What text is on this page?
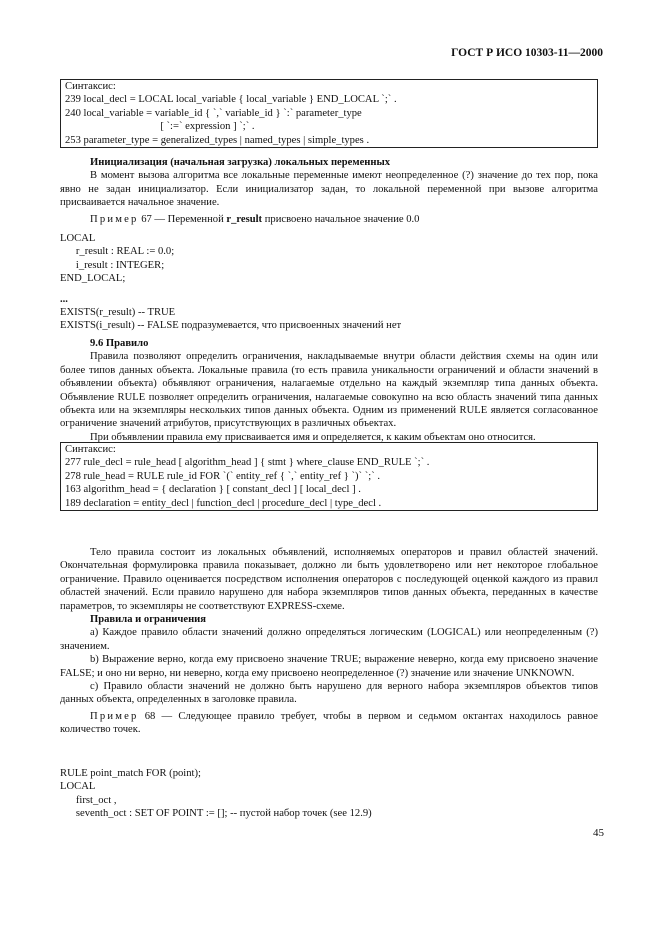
ГОСТ Р ИСО 10303-11—2000
Синтаксис:
239 local_decl = LOCAL local_variable { local_variable } END_LOCAL `;` .
240 local_variable = variable_id { `,` variable_id } `:` parameter_type
[ `:=` expression ] `;` .
253 parameter_type = generalized_types | named_types | simple_types .
Инициализация (начальная загрузка) локальных переменных
В момент вызова алгоритма все локальные переменные имеют неопределенное (?) значение до тех пор, пока явно не задан инициализатор. Если инициализатор задан, то локальной переменной при вызове алгоритма присваивается начальное значение.
Пример 67 — Переменной r_result присвоено начальное значение 0.0
LOCAL
r_result : REAL := 0.0;
i_result : INTEGER;
END_LOCAL;
...
EXISTS(r_result) -- TRUE
EXISTS(i_result) -- FALSE подразумевается, что присвоенных значений нет
9.6 Правило
Правила позволяют определить ограничения, накладываемые внутри области действия схемы на один или более типов данных объекта. Локальные правила (то есть правила уникальности ограничений и области значений в объявлении объекта) объявляют ограничения, налагаемые отдельно на каждый экземпляр типа данных объекта. Объявление RULE позволяет определить ограничения, налагаемые совокупно на всю область значений типа данных объекта или на экземпляры нескольких типов данных объекта. Одним из применений RULE является согласованное ограничение значений атрибутов, присутствующих в различных объектах.
При объявлении правила ему присваивается имя и определяется, к каким объектам оно относится.
Синтаксис:
277 rule_decl = rule_head [ algorithm_head ] { stmt } where_clause END_RULE `;` .
278 rule_head = RULE rule_id FOR `(` entity_ref { `,` entity_ref } `)` `;` .
163 algorithm_head = { declaration } [ constant_decl ] [ local_decl ] .
189 declaration = entity_decl | function_decl | procedure_decl | type_decl .
Тело правила состоит из локальных объявлений, исполняемых операторов и правил областей значений. Окончательная формулировка правила показывает, должно ли быть удовлетворено или нет некоторое глобальное ограничение. Правило оценивается посредством исполнения операторов с последующей оценкой каждого из правил областей значений. Если правило нарушено для набора экземпляров типов данных объекта, переданных в качестве параметров, то экземпляры не соответствуют EXPRESS-схеме.
Правила и ограничения
а) Каждое правило области значений должно определяться логическим (LOGICAL) или неопределенным (?) значением.
b) Выражение верно, когда ему присвоено значение TRUE; выражение неверно, когда ему присвоено значение FALSE; и оно ни верно, ни неверно, когда ему присвоено неопределенное (?) значение или значение UNKNOWN.
с) Правило области значений не должно быть нарушено для верного набора экземпляров объектов типов данных объекта, определенных в заголовке правила.
Пример 68 — Следующее правило требует, чтобы в первом и седьмом октантах находилось равное количество точек.
RULE point_match FOR (point);
LOCAL
first_oct ,
seventh_oct : SET OF POINT := []; -- пустой набор точек (see 12.9)
45
